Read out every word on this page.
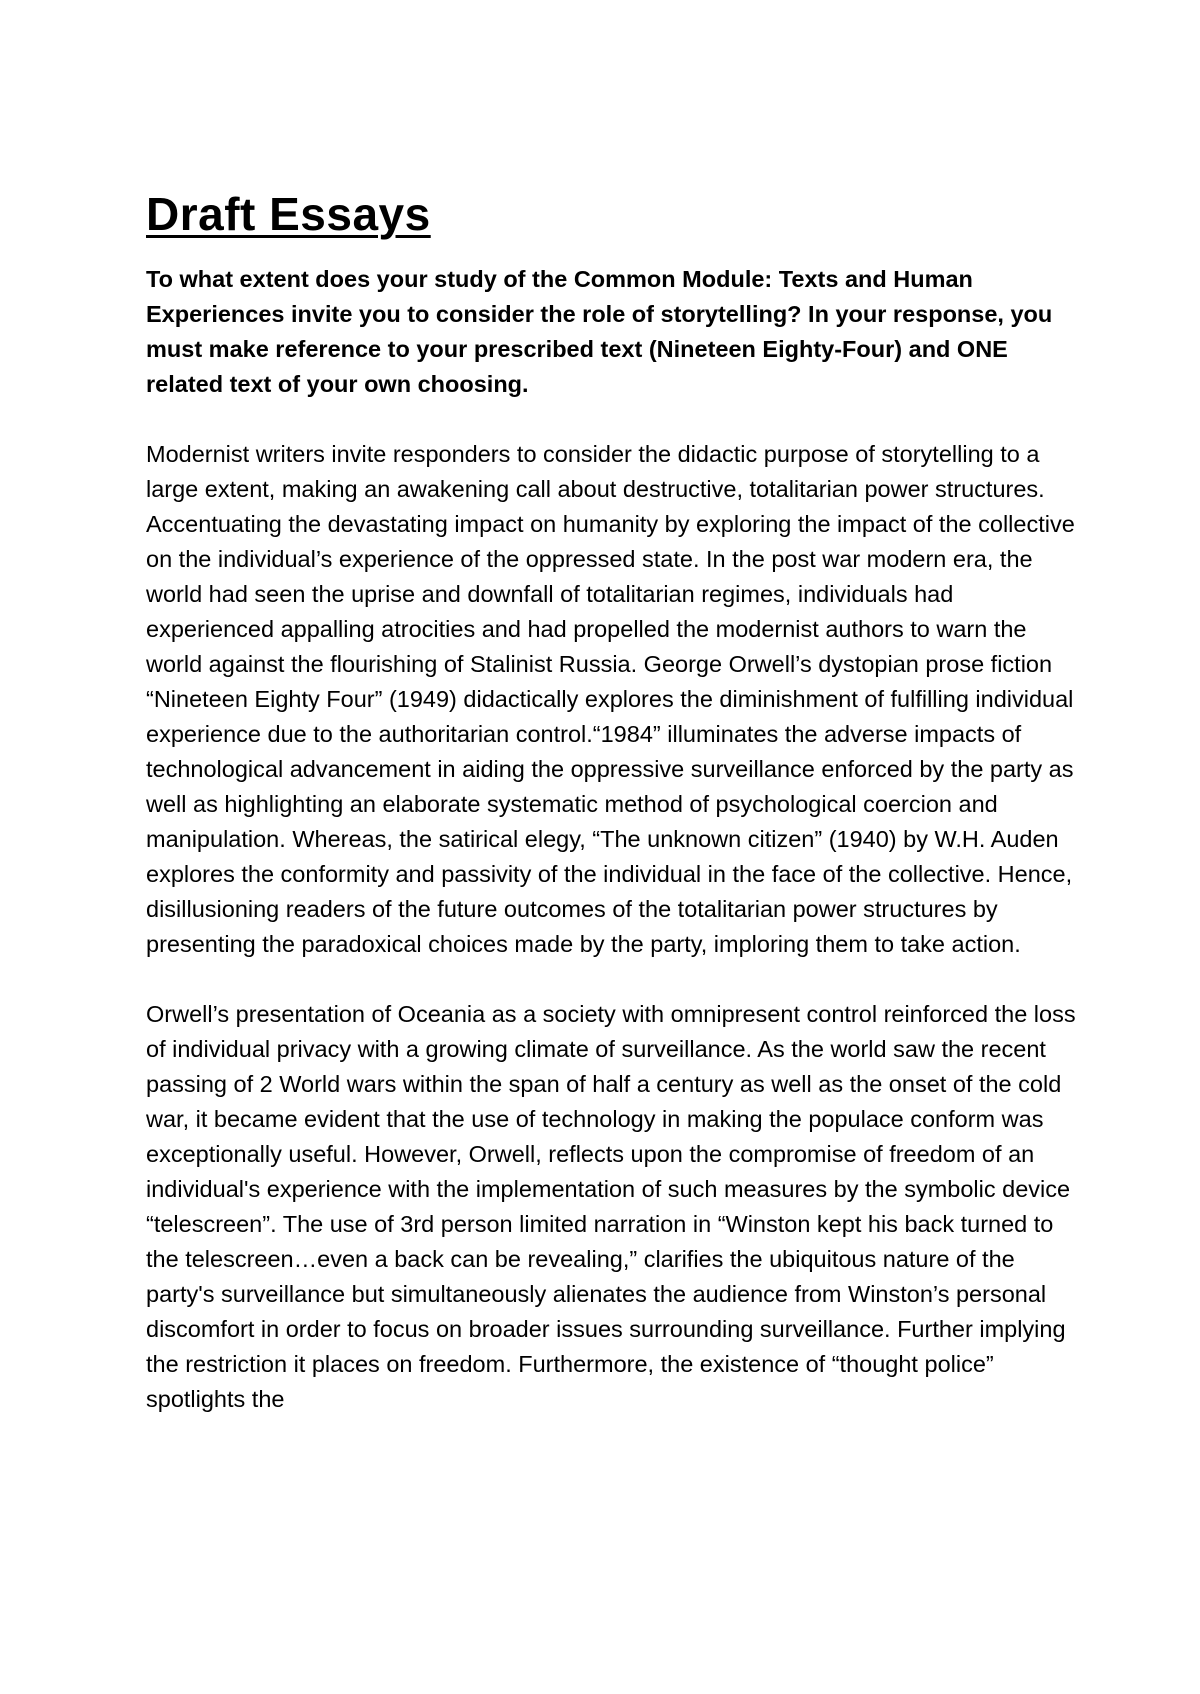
Draft Essays

To what extent does your study of the Common Module: Texts and Human Experiences invite you to consider the role of storytelling? In your response, you must make reference to your prescribed text (Nineteen Eighty-Four) and ONE related text of your own choosing.

Modernist writers invite responders to consider the didactic purpose of storytelling to a large extent, making an awakening call about destructive, totalitarian power structures. Accentuating the devastating impact on humanity by exploring the impact of the collective on the individual’s experience of the oppressed state. In the post war modern era, the world had seen the uprise and downfall of totalitarian regimes, individuals had experienced appalling atrocities and had propelled the modernist authors to warn the world against the flourishing of Stalinist Russia. George Orwell’s dystopian prose fiction “Nineteen Eighty Four” (1949) didactically explores the diminishment of fulfilling individual experience due to the authoritarian control.“1984” illuminates the adverse impacts of technological advancement in aiding the oppressive surveillance enforced by the party as well as highlighting an elaborate systematic method of psychological coercion and manipulation. Whereas, the satirical elegy, “The unknown citizen” (1940) by W.H. Auden explores the conformity and passivity of the individual in the face of the collective. Hence, disillusioning readers of the future outcomes of the totalitarian power structures by presenting the paradoxical choices made by the party, imploring them to take action.

Orwell’s presentation of Oceania as a society with omnipresent control reinforced the loss of individual privacy with a growing climate of surveillance. As the world saw the recent passing of 2 World wars within the span of half a century as well as the onset of the cold war, it became evident that the use of technology in making the populace conform was exceptionally useful. However, Orwell, reflects upon the compromise of freedom of an individual's experience with the implementation of such measures by the symbolic device “telescreen”. The use of 3rd person limited narration in “Winston kept his back turned to the telescreen…even a back can be revealing,” clarifies the ubiquitous nature of the party's surveillance but simultaneously alienates the audience from Winston’s personal discomfort in order to focus on broader issues surrounding surveillance. Further implying the restriction it places on freedom. Furthermore, the existence of “thought police” spotlights the
